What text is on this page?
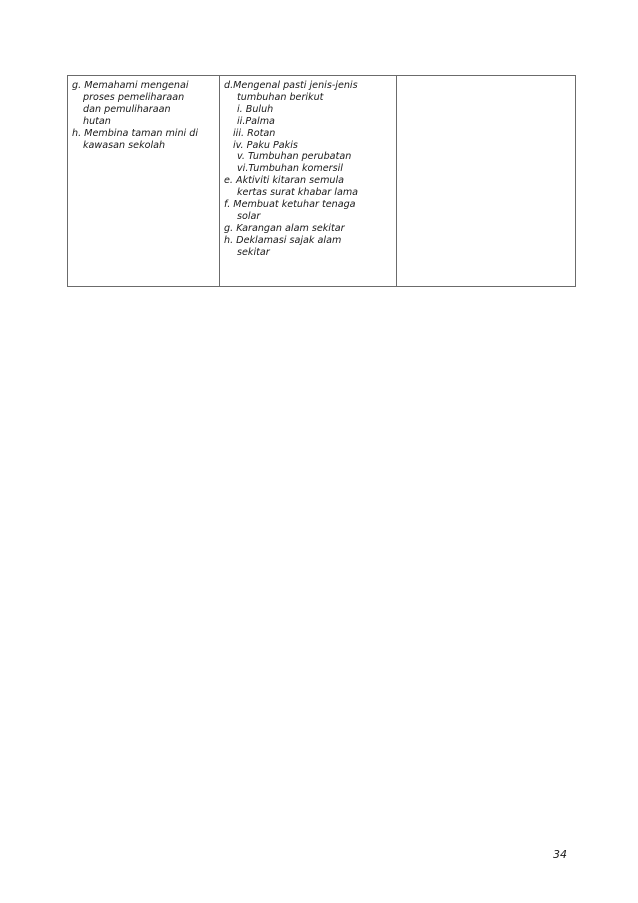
g. Memahami mengenai
proses pemeliharaan
dan pemuliharaan
hutan
h. Membina taman mini di
kawasan sekolah
d.Mengenal pasti jenis-jenis
tumbuhan berikut
i. Buluh
ii.Palma
iii. Rotan
iv. Paku Pakis
v. Tumbuhan perubatan
vi.Tumbuhan komersil
e. Aktiviti kitaran semula
kertas surat khabar lama
f. Membuat ketuhar tenaga
solar
g. Karangan alam sekitar
h. Deklamasi sajak alam
sekitar
34
